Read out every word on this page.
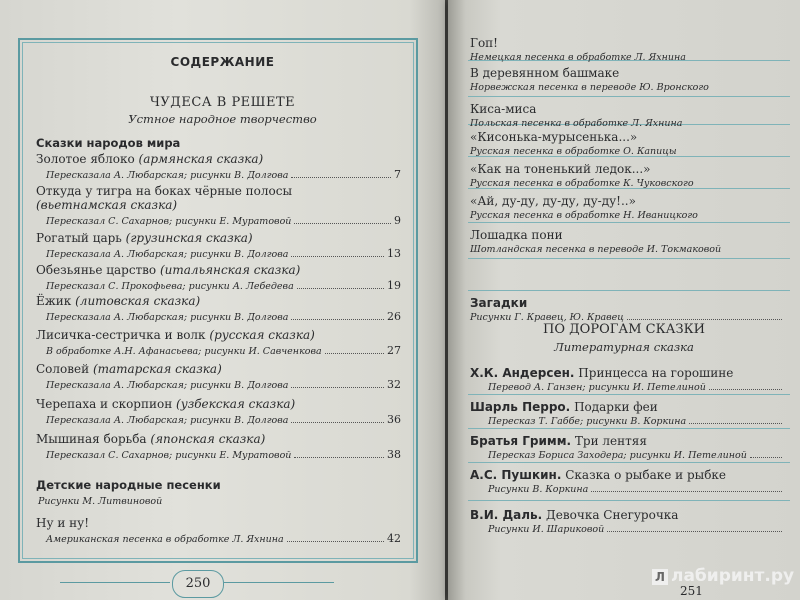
СОДЕРЖАНИЕ
ЧУДЕСА В РЕШЕТЕ
Устное народное творчество
Сказки народов мира
Золотое яблоко (армянская сказка)
Пересказала А. Любарская; рисунки В. Долгова	7
Откуда у тигра на боках чёрные полосы (вьетнамская сказка)
Пересказал С. Сахарнов; рисунки Е. Муратовой	9
Рогатый царь (грузинская сказка)
Пересказала А. Любарская; рисунки В. Долгова	13
Обезьянье царство (итальянская сказка)
Пересказал С. Прокофьева; рисунки А. Лебедева	19
Ёжик (литовская сказка)
Пересказала А. Любарская; рисунки В. Долгова	26
Лисичка-сестричка и волк (русская сказка)
В обработке А.Н. Афанасьева; рисунки И. Савченкова	27
Соловей (татарская сказка)
Пересказала А. Любарская; рисунки В. Долгова	32
Черепаха и скорпион (узбекская сказка)
Пересказала А. Любарская; рисунки В. Долгова	36
Мышиная борьба (японская сказка)
Пересказал С. Сахарнов; рисунки Е. Муратовой	38
Детские народные песенки
Рисунки М. Литвиновой
Ну и ну!
Американская песенка в обработке Л. Яхнина	42
250
Гоп!
Немецкая песенка в обработке Л. Яхнина
В деревянном башмаке
Норвежская песенка в переводе Ю. Вронского
Киса-миса
Польская песенка в обработке Л. Яхнина
«Кисонька-мурысенька...»
Русская песенка в обработке О. Капицы
«Как на тоненький ледок...»
Русская песенка в обработке К. Чуковского
«Ай, ду-ду, ду-ду, ду-ду!..»
Русская песенка в обработке Н. Иваницкого
Лошадка пони
Шотландская песенка в переводе И. Токмаковой
Загадки
Рисунки Г. Кравец, Ю. Кравец
ПО ДОРОГАМ СКАЗКИ
Литературная сказка
Х.К. Андерсен. Принцесса на горошине
Перевод А. Ганзен; рисунки И. Петелиной
Шарль Перро. Подарки феи
Пересказ Т. Габбе; рисунки В. Коркина
Братья Гримм. Три лентяя
Пересказ Бориса Заходера; рисунки И. Петелиной
А.С. Пушкин. Сказка о рыбаке и рыбке
Рисунки В. Коркина
В.И. Даль. Девочка Снегурочка
Рисунки И. Шариковой
Л лабиринт.ру
251
